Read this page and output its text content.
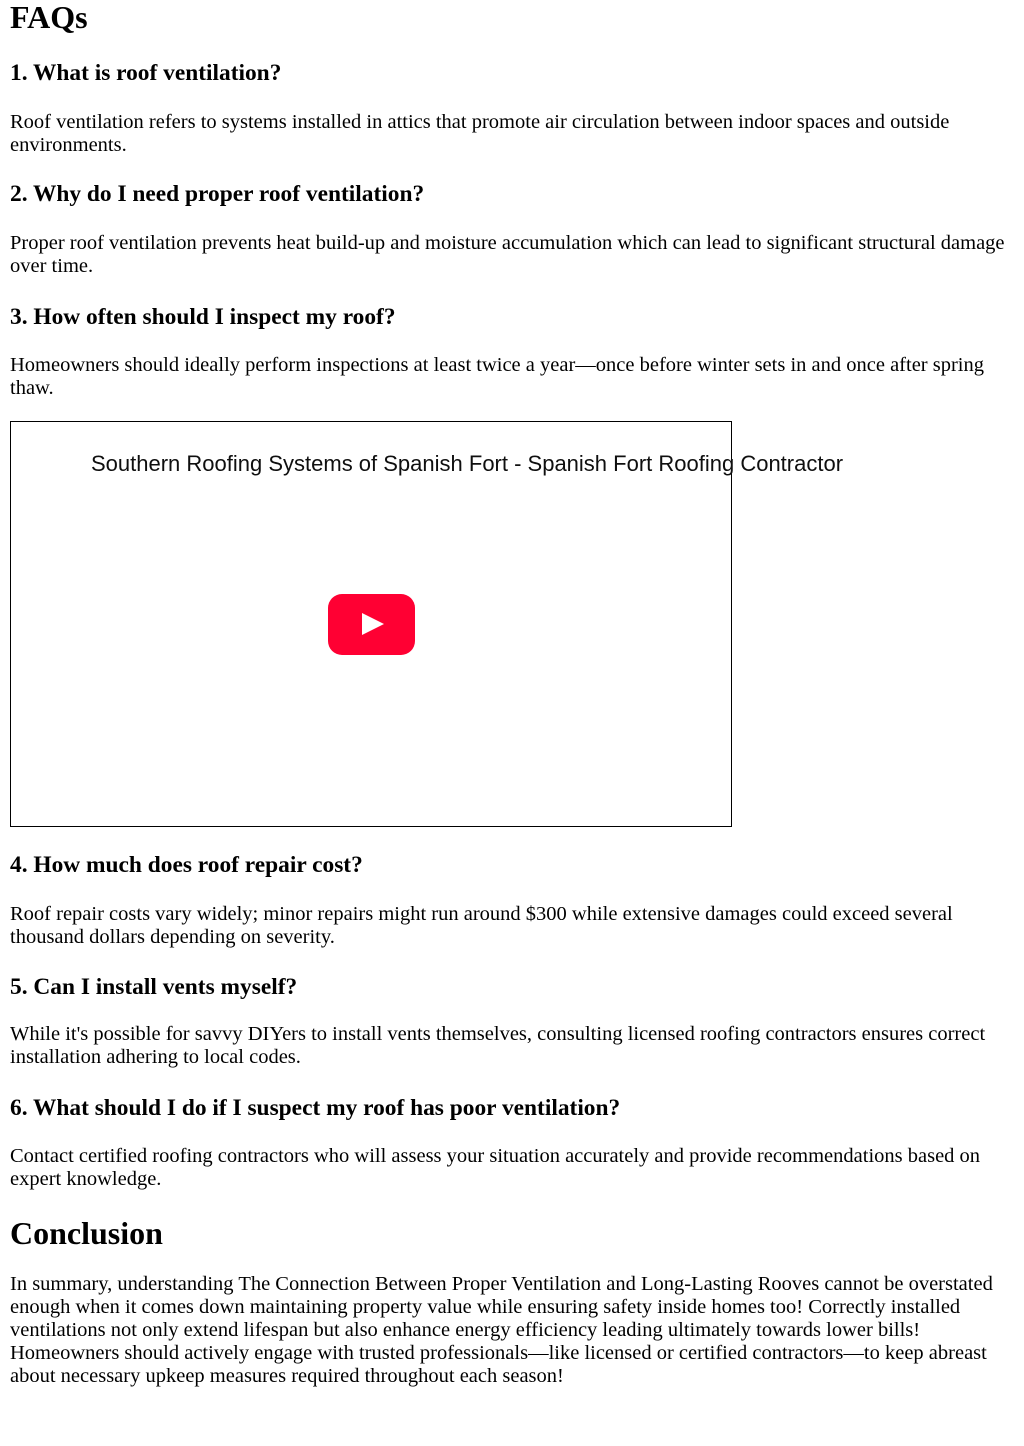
FAQs
1. What is roof ventilation?

Roof ventilation refers to systems installed in attics that promote air circulation between indoor spaces and outside environments.

2. Why do I need proper roof ventilation?

Proper roof ventilation prevents heat build-up and moisture accumulation which can lead to significant structural damage over time.

3. How often should I inspect my roof?

Homeowners should ideally perform inspections at least twice a year—once before winter sets in and once after spring thaw.

Southern Roofing Systems of Spanish Fort - Spanish Fort Roofing Contractor
4. How much does roof repair cost?

Roof repair costs vary widely; minor repairs might run around $300 while extensive damages could exceed several thousand dollars depending on severity.

5. Can I install vents myself?

While it's possible for savvy DIYers to install vents themselves, consulting licensed roofing contractors ensures correct installation adhering to local codes.

6. What should I do if I suspect my roof has poor ventilation?

Contact certified roofing contractors who will assess your situation accurately and provide recommendations based on expert knowledge.

Conclusion

In summary, understanding The Connection Between Proper Ventilation and Long-Lasting Rooves cannot be overstated enough when it comes down maintaining property value while ensuring safety inside homes too! Correctly installed ventilations not only extend lifespan but also enhance energy efficiency leading ultimately towards lower bills! Homeowners should actively engage with trusted professionals—like licensed or certified contractors—to keep abreast about necessary upkeep measures required throughout each season!
